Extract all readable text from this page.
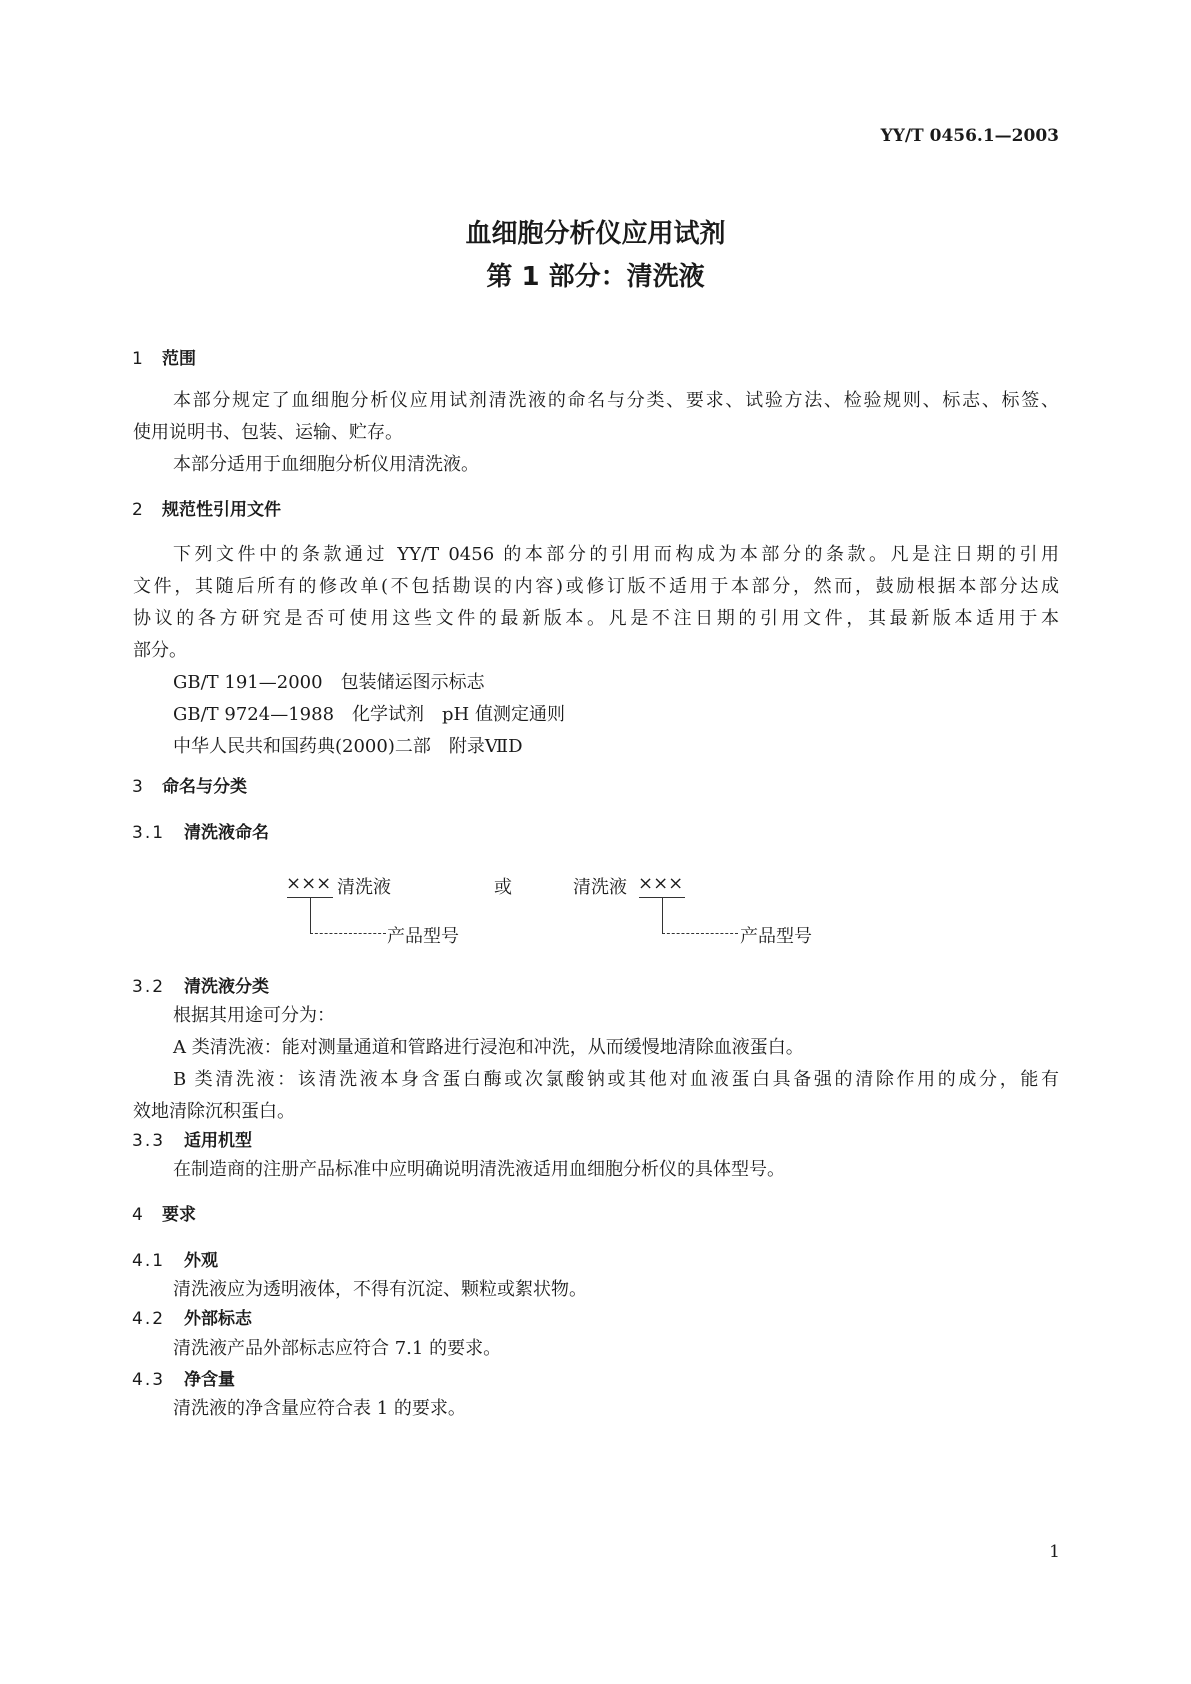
YY/T 0456.1—2003
血细胞分析仪应用试剂
第 1 部分：清洗液
1 范围
本部分规定了血细胞分析仪应用试剂清洗液的命名与分类、要求、试验方法、检验规则、标志、标签、
使用说明书、包装、运输、贮存。
本部分适用于血细胞分析仪用清洗液。
2 规范性引用文件
下列文件中的条款通过 YY/T 0456 的本部分的引用而构成为本部分的条款。凡是注日期的引用
文件，其随后所有的修改单(不包括勘误的内容)或修订版不适用于本部分，然而，鼓励根据本部分达成
协议的各方研究是否可使用这些文件的最新版本。凡是不注日期的引用文件，其最新版本适用于本
部分。
GB/T 191—2000　包装储运图示标志
GB/T 9724—1988　化学试剂　pH 值测定通则
中华人民共和国药典(2000)二部　附录ⅦD
3 命名与分类
3.1 清洗液命名
××× 清洗液
产品型号
或	清洗液 ×××
产品型号
3.2 清洗液分类
根据其用途可分为：
A 类清洗液：能对测量通道和管路进行浸泡和冲洗，从而缓慢地清除血液蛋白。
B 类清洗液：该清洗液本身含蛋白酶或次氯酸钠或其他对血液蛋白具备强的清除作用的成分，能有
效地清除沉积蛋白。
3.3 适用机型
在制造商的注册产品标准中应明确说明清洗液适用血细胞分析仪的具体型号。
4 要求
4.1 外观
清洗液应为透明液体，不得有沉淀、颗粒或絮状物。
4.2 外部标志
清洗液产品外部标志应符合 7.1 的要求。
4.3 净含量
清洗液的净含量应符合表 1 的要求。
1
